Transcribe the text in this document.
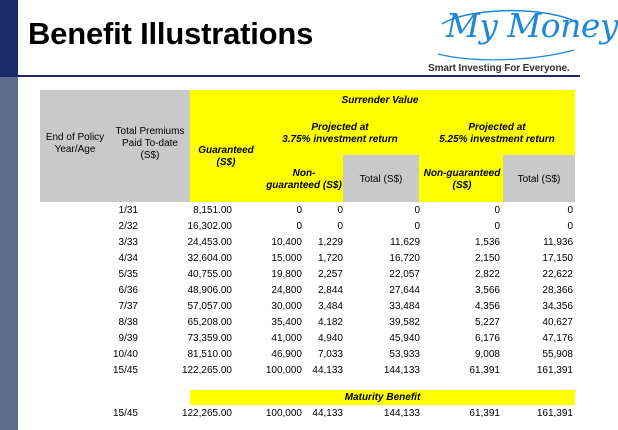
Benefit Illustrations	My Money
Smart Investing For Everyone.
End of Policy Year/Age
Total Premiums Paid To-date (S$)
Surrender Value
Guaranteed (S$)
Projected at
3.75% investment return
Projected at
5.25% investment return
Non-guaranteed (S$)
Total (S$)
Non-guaranteed (S$)
Total (S$)
1/31	8,151.00	0	0	0	0	0
2/32	16,302.00	0	0	0	0	0
3/33	24,453.00	10,400	1,229	11,629	1,536	11,936
4/34	32,604.00	15,000	1,720	16,720	2,150	17,150
5/35	40,755.00	19,800	2,257	22,057	2,822	22,622
6/36	48,906.00	24,800	2,844	27,644	3,566	28,366
7/37	57,057.00	30,000	3,484	33,484	4,356	34,356
8/38	65,208.00	35,400	4,182	39,582	5,227	40,627
9/39	73,359.00	41,000	4,940	45,940	6,176	47,176
10/40	81,510.00	46,900	7,033	53,933	9,008	55,908
15/45	122,265.00	100,000	44,133	144,133	61,391	161,391
Maturity Benefit
15/45	122,265.00	100,000	44,133	144,133	61,391	161,391
